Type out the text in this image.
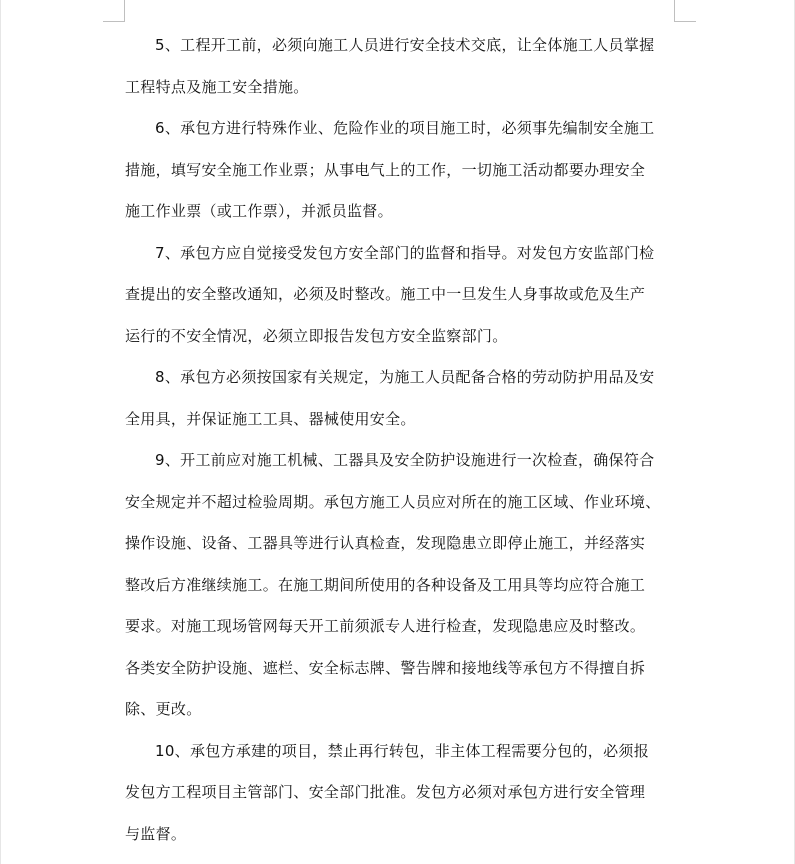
5、工程开工前，必须向施工人员进行安全技术交底，让全体施工人员掌握
工程特点及施工安全措施。

6、承包方进行特殊作业、危险作业的项目施工时，必须事先编制安全施工
措施，填写安全施工作业票；从事电气上的工作，一切施工活动都要办理安全
施工作业票（或工作票），并派员监督。

7、承包方应自觉接受发包方安全部门的监督和指导。对发包方安监部门检
查提出的安全整改通知，必须及时整改。施工中一旦发生人身事故或危及生产
运行的不安全情况，必须立即报告发包方安全监察部门。

8、承包方必须按国家有关规定，为施工人员配备合格的劳动防护用品及安
全用具，并保证施工工具、器械使用安全。

9、开工前应对施工机械、工器具及安全防护设施进行一次检查，确保符合
安全规定并不超过检验周期。承包方施工人员应对所在的施工区域、作业环境、
操作设施、设备、工器具等进行认真检查，发现隐患立即停止施工，并经落实
整改后方准继续施工。在施工期间所使用的各种设备及工用具等均应符合施工
要求。对施工现场管网每天开工前须派专人进行检查，发现隐患应及时整改。
各类安全防护设施、遮栏、安全标志牌、警告牌和接地线等承包方不得擅自拆
除、更改。

10、承包方承建的项目，禁止再行转包，非主体工程需要分包的，必须报
发包方工程项目主管部门、安全部门批准。发包方必须对承包方进行安全管理
与监督。
